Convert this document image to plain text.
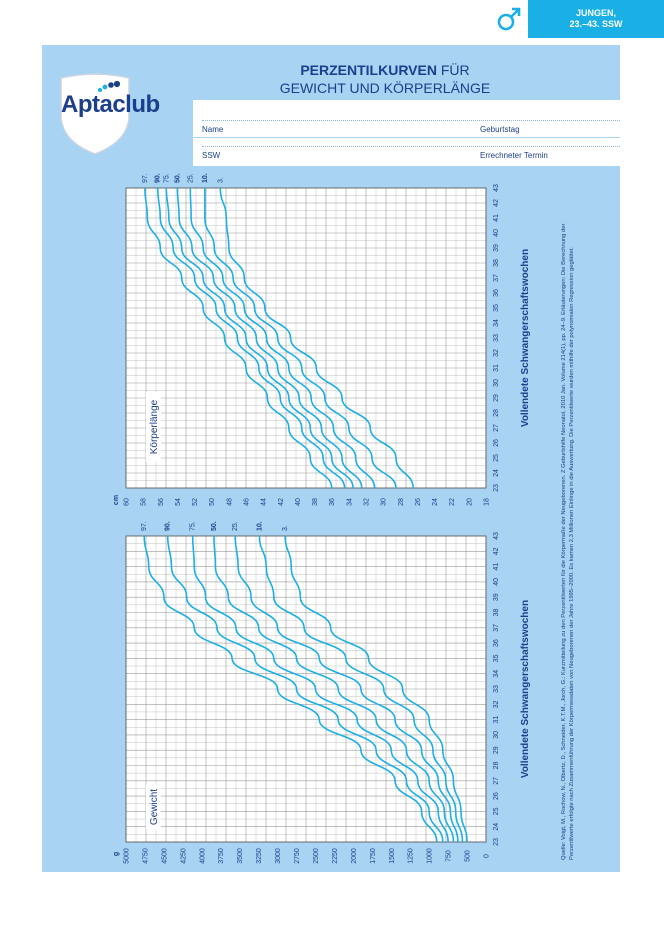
JUNGEN,
23.–43. SSW
Aptaclub
PERZENTILKURVEN FÜR
GEWICHT UND KÖRPERLÄNGE
Name	Geburtstag
SSW	Errechneter Termin
23
24
25
26
27
28
29
30
31
32
33
34
35
36
37
38
39
40
41
42
43
18
20
22
24
26
28
30
32
34
36
38
40
42
44
46
48
50
52
54
56
58
60
cm
97. 90. 75. 50. 25. 10. 3.
Vollendete Schwangerschaftswochen
Körperlänge
23
24
25
26
27
28
29
30
31
32
33
34
35
36
37
38
39
40
41
42
43
0
500
750
1000
1250
1500
1750
2000
2250
2500
2750
3000
3250
3500
3750
4000
4250
4500
4750
5000
g
97. 90.	75. 50. 25. 10.	3.
Vollendete Schwangerschaftswochen
Gewicht	Quelle: Voigt, M., Rochow, N., Olbertz, D., Schneider, K.T.M., Jorch, G.: Kurzmitteilung zu den Perzentilwerten für die Körpermaße der Neugeborenen. Z Geburtshilfe Neonatol, 2010 Jan. Volume 214(1), pp. 24–9. Erläuterungen: Die Berechnung der Perzentilwerte erfolgte nach Zusammenführung der Körpermessdaten von Neugeborenen der Jahre 1995–2000. Es kamen 2,3 Millionen Einlinge in die Auswertung. Die Perzentilwerte wurden mithilfe der polynomialen Regression geglättet.
